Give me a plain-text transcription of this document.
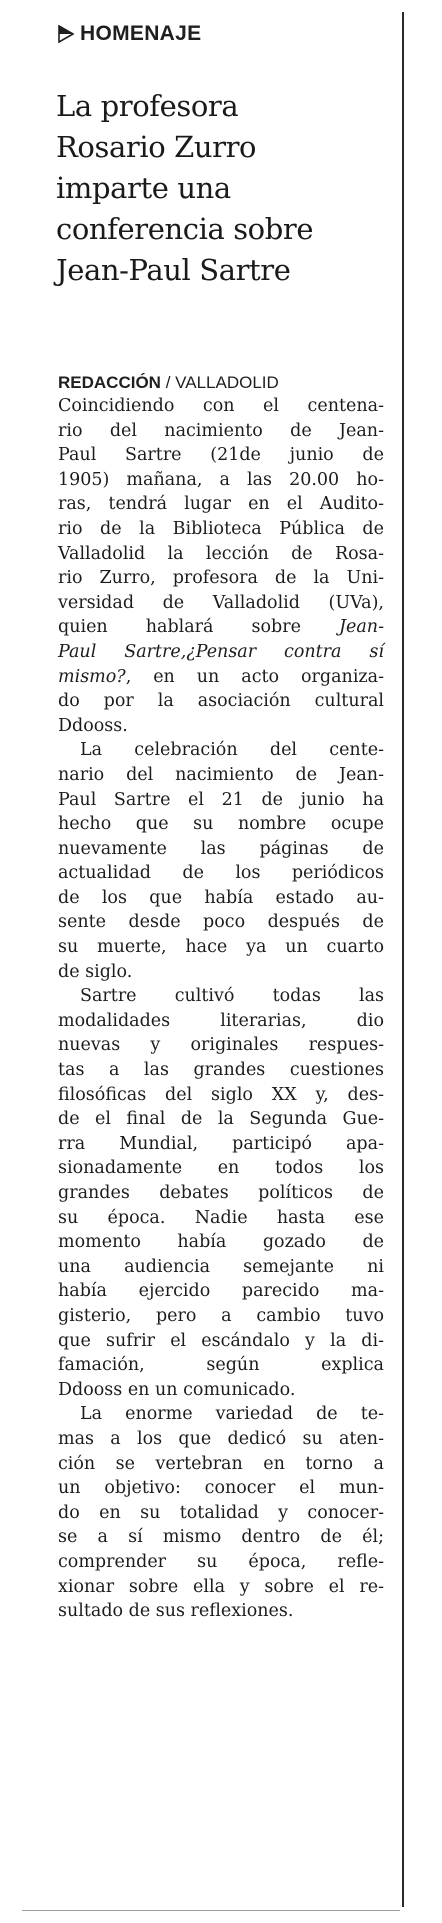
HOMENAJE
La profesora
Rosario Zurro
imparte una
conferencia sobre
Jean-Paul Sartre
REDACCIÓN / VALLADOLID

Coincidiendo con el centena-
rio del nacimiento de Jean-
Paul Sartre (21de junio de
1905) mañana, a las 20.00 ho-
ras, tendrá lugar en el Audito-
rio de la Biblioteca Pública de
Valladolid la lección de Rosa-
rio Zurro, profesora de la Uni-
versidad de Valladolid (UVa),
quien hablará sobre Jean-
Paul Sartre,¿Pensar contra sí
mismo?, en un acto organiza-
do por la asociación cultural
Ddooss.

La celebración del cente-
nario del nacimiento de Jean-
Paul Sartre el 21 de junio ha
hecho que su nombre ocupe
nuevamente las páginas de
actualidad de los periódicos
de los que había estado au-
sente desde poco después de
su muerte, hace ya un cuarto
de siglo.

Sartre cultivó todas las
modalidades literarias, dio
nuevas y originales respues-
tas a las grandes cuestiones
filosóficas del siglo XX y, des-
de el final de la Segunda Gue-
rra Mundial, participó apa-
sionadamente en todos los
grandes debates políticos de
su época. Nadie hasta ese
momento había gozado de
una audiencia semejante ni
había ejercido parecido ma-
gisterio, pero a cambio tuvo
que sufrir el escándalo y la di-
famación, según explica
Ddooss en un comunicado.

La enorme variedad de te-
mas a los que dedicó su aten-
ción se vertebran en torno a
un objetivo: conocer el mun-
do en su totalidad y conocer-
se a sí mismo dentro de él;
comprender su época, refle-
xionar sobre ella y sobre el re-
sultado de sus reflexiones.
